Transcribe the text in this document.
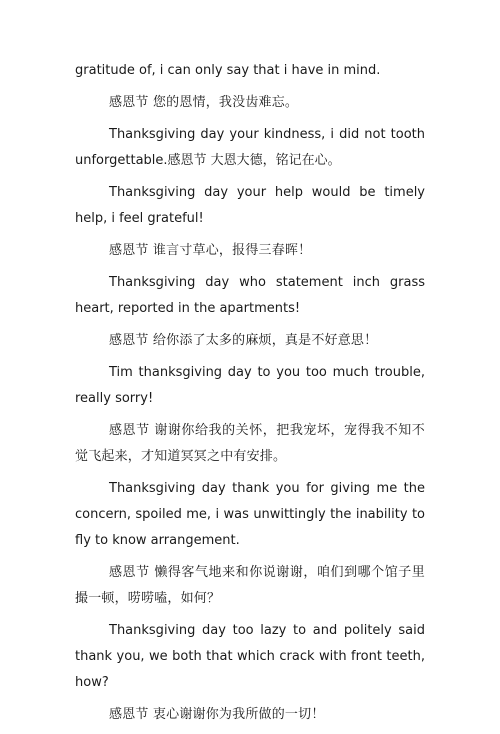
gratitude of, i can only say that i have in mind.

感恩节 您的恩情，我没齿难忘。

Thanksgiving day your kindness, i did not tooth unforgettable.感恩节 大恩大德，铭记在心。

Thanksgiving day your help would be timely help, i feel grateful!

感恩节 谁言寸草心，报得三春晖！

Thanksgiving day who statement inch grass heart, reported in the apartments!

感恩节 给你添了太多的麻烦，真是不好意思！

Tim thanksgiving day to you too much trouble, really sorry!

感恩节 谢谢你给我的关怀，把我宠坏，宠得我不知不觉飞起来，才知道冥冥之中有安排。

Thanksgiving day thank you for giving me the concern, spoiled me, i was unwittingly the inability to fly to know arrangement.

感恩节 懒得客气地来和你说谢谢，咱们到哪个馆子里撮一顿，唠唠嗑，如何？

Thanksgiving day too lazy to and politely said thank you, we both that which crack with front teeth, how?

感恩节 衷心谢谢你为我所做的一切！
